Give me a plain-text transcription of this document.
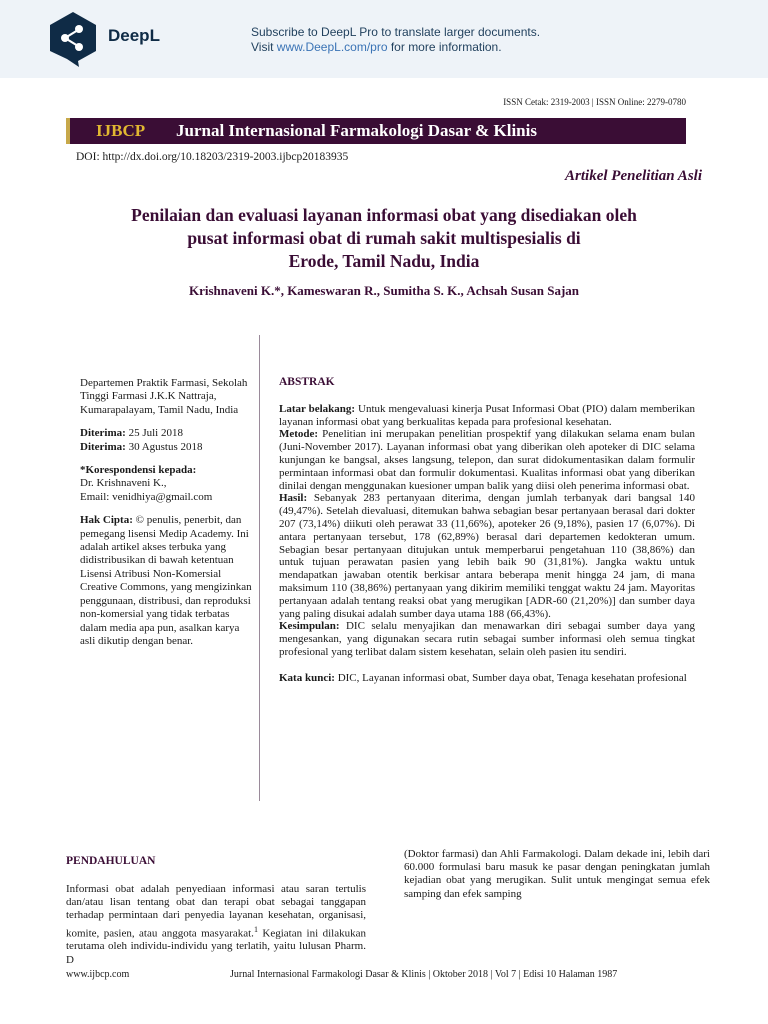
DeepL	Subscribe to DeepL Pro to translate larger documents.
Visit www.DeepL.com/pro for more information.
ISSN Cetak: 2319-2003 | ISSN Online: 2279-0780
IJBCP Jurnal Internasional Farmakologi Dasar & Klinis
DOI: http://dx.doi.org/10.18203/2319-2003.ijbcp20183935
Artikel Penelitian Asli
Penilaian dan evaluasi layanan informasi obat yang disediakan oleh
pusat informasi obat di rumah sakit multispesialis di
Erode, Tamil Nadu, India
Krishnaveni K.*, Kameswaran R., Sumitha S. K., Achsah Susan Sajan

Departemen Praktik Farmasi, Sekolah Tinggi Farmasi J.K.K Nattraja, Kumarapalayam, Tamil Nadu, India

Diterima: 25 Juli 2018

Diterima: 30 Agustus 2018

*Korespondensi kepada:
Dr. Krishnaveni K.,
Email: venidhiya@gmail.com

Hak Cipta: © penulis, penerbit, dan pemegang lisensi Medip Academy. Ini adalah artikel akses terbuka yang didistribusikan di bawah ketentuan Lisensi Atribusi Non-Komersial Creative Commons, yang mengizinkan penggunaan, distribusi, dan reproduksi non-komersial yang tidak terbatas dalam media apa pun, asalkan karya asli dikutip dengan benar.

ABSTRAK

Latar belakang: Untuk mengevaluasi kinerja Pusat Informasi Obat (PIO) dalam memberikan layanan informasi obat yang berkualitas kepada para profesional kesehatan.

Metode: Penelitian ini merupakan penelitian prospektif yang dilakukan selama enam bulan (Juni-November 2017). Layanan informasi obat yang diberikan oleh apoteker di DIC selama kunjungan ke bangsal, akses langsung, telepon, dan surat didokumentasikan dalam formulir permintaan informasi obat dan formulir dokumentasi. Kualitas informasi obat yang diberikan dinilai dengan menggunakan kuesioner umpan balik yang diisi oleh penerima informasi obat.

Hasil: Sebanyak 283 pertanyaan diterima, dengan jumlah terbanyak dari bangsal 140 (49,47%). Setelah dievaluasi, ditemukan bahwa sebagian besar pertanyaan berasal dari dokter 207 (73,14%) diikuti oleh perawat 33 (11,66%), apoteker 26 (9,18%), pasien 17 (6,07%). Di antara pertanyaan tersebut, 178 (62,89%) berasal dari departemen kedokteran umum. Sebagian besar pertanyaan ditujukan untuk memperbarui pengetahuan 110 (38,86%) dan untuk tujuan perawatan pasien yang lebih baik 90 (31,81%). Jangka waktu untuk mendapatkan jawaban otentik berkisar antara beberapa menit hingga 24 jam, di mana maksimum 110 (38,86%) pertanyaan yang dikirim memiliki tenggat waktu 24 jam. Mayoritas pertanyaan adalah tentang reaksi obat yang merugikan [ADR-60 (21,20%)] dan sumber daya yang paling disukai adalah sumber daya utama 188 (66,43%).

Kesimpulan: DIC selalu menyajikan dan menawarkan diri sebagai sumber daya yang mengesankan, yang digunakan secara rutin sebagai sumber informasi oleh semua tingkat profesional yang terlibat dalam sistem kesehatan, selain oleh pasien itu sendiri.

Kata kunci: DIC, Layanan informasi obat, Sumber daya obat, Tenaga kesehatan profesional

PENDAHULUAN
Informasi obat adalah penyediaan informasi atau saran tertulis dan/atau lisan tentang obat dan terapi obat sebagai tanggapan terhadap permintaan dari penyedia layanan kesehatan, organisasi, komite, pasien, atau anggota masyarakat.$^1$ Kegiatan ini dilakukan terutama oleh individu-individu yang terlatih, yaitu lulusan Pharm. D
(Doktor farmasi) dan Ahli Farmakologi. Dalam dekade ini, lebih dari 60.000 formulasi baru masuk ke pasar dengan peningkatan jumlah kejadian obat yang merugikan. Sulit untuk mengingat semua efek samping dan efek samping
www.ijbcp.com	Jurnal Internasional Farmakologi Dasar & Klinis | Oktober 2018 | Vol 7 | Edisi 10 Halaman 1987
